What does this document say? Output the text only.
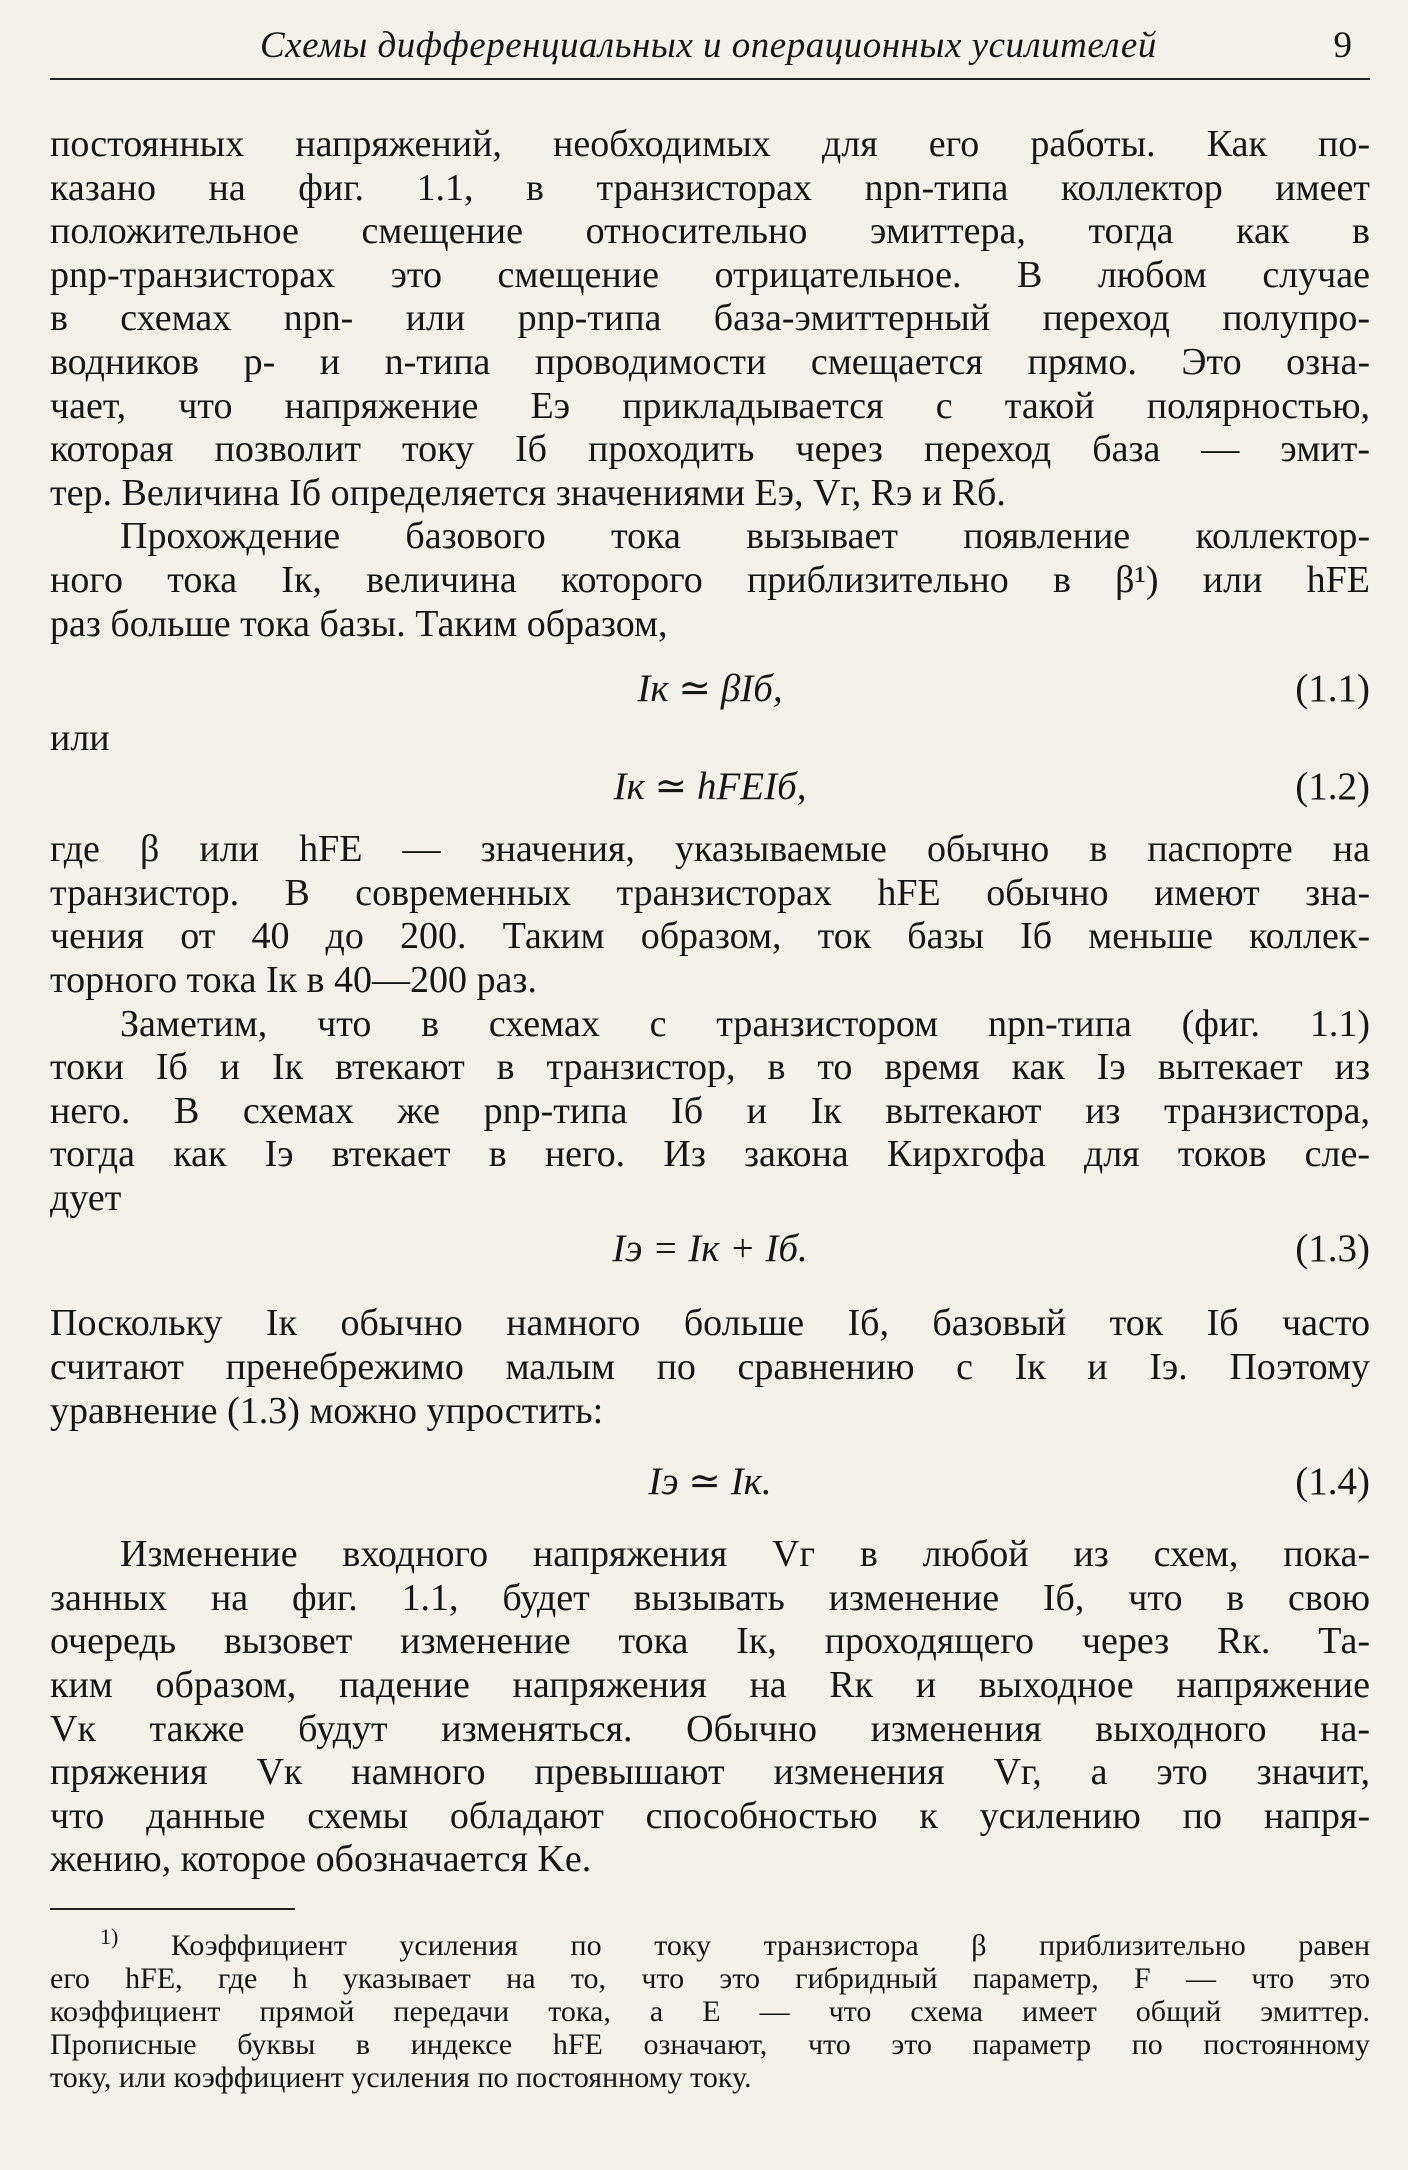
Схемы дифференциальных и операционных усилителей	9

постоянных напряжений, необходимых для его работы. Как по-

казано на фиг. 1.1, в транзисторах npn-типа коллектор имеет

положительное смещение относительно эмиттера, тогда как в

pnp-транзисторах это смещение отрицательное. В любом случае

в схемах npn- или pnp-типа база-эмиттерный переход полупро-

водников p- и n-типа проводимости смещается прямо. Это озна-

чает, что напряжение Eэ прикладывается с такой полярностью,

которая позволит току Iб проходить через переход база — эмит-

тер. Величина Iб определяется значениями Eэ, Vг, Rэ и Rб.

Прохождение базового тока вызывает появление коллектор-

ного тока Iк, величина которого приблизительно в β¹) или hFE

раз больше тока базы. Таким образом,

Iк ≃ βIб,	(1.1)
или
Iк ≃ hFEIб,	(1.2)

где β или hFE — значения, указываемые обычно в паспорте на

транзистор. В современных транзисторах hFE обычно имеют зна-

чения от 40 до 200. Таким образом, ток базы Iб меньше коллек-

торного тока Iк в 40—200 раз.

Заметим, что в схемах с транзистором npn-типа (фиг. 1.1)

токи Iб и Iк втекают в транзистор, в то время как Iэ вытекает из

него. В схемах же pnp-типа Iб и Iк вытекают из транзистора,

тогда как Iэ втекает в него. Из закона Кирхгофа для токов сле-

дует

Iэ = Iк + Iб.	(1.3)

Поскольку Iк обычно намного больше Iб, базовый ток Iб часто

считают пренебрежимо малым по сравнению с Iк и Iэ. Поэтому

уравнение (1.3) можно упростить:

Iэ ≃ Iк.	(1.4)

Изменение входного напряжения Vг в любой из схем, пока-

занных на фиг. 1.1, будет вызывать изменение Iб, что в свою

очередь вызовет изменение тока Iк, проходящего через Rк. Та-

ким образом, падение напряжения на Rк и выходное напряжение

Vк также будут изменяться. Обычно изменения выходного на-

пряжения Vк намного превышают изменения Vг, а это значит,

что данные схемы обладают способностью к усилению по напря-

жению, которое обозначается Ke.

$^{1)}$ Коэффициент усиления по току транзистора β приблизительно равен

его hFE, где h указывает на то, что это гибридный параметр, F — что это

коэффициент прямой передачи тока, а E — что схема имеет общий эмиттер.

Прописные буквы в индексе hFE означают, что это параметр по постоянному

току, или коэффициент усиления по постоянному току.
